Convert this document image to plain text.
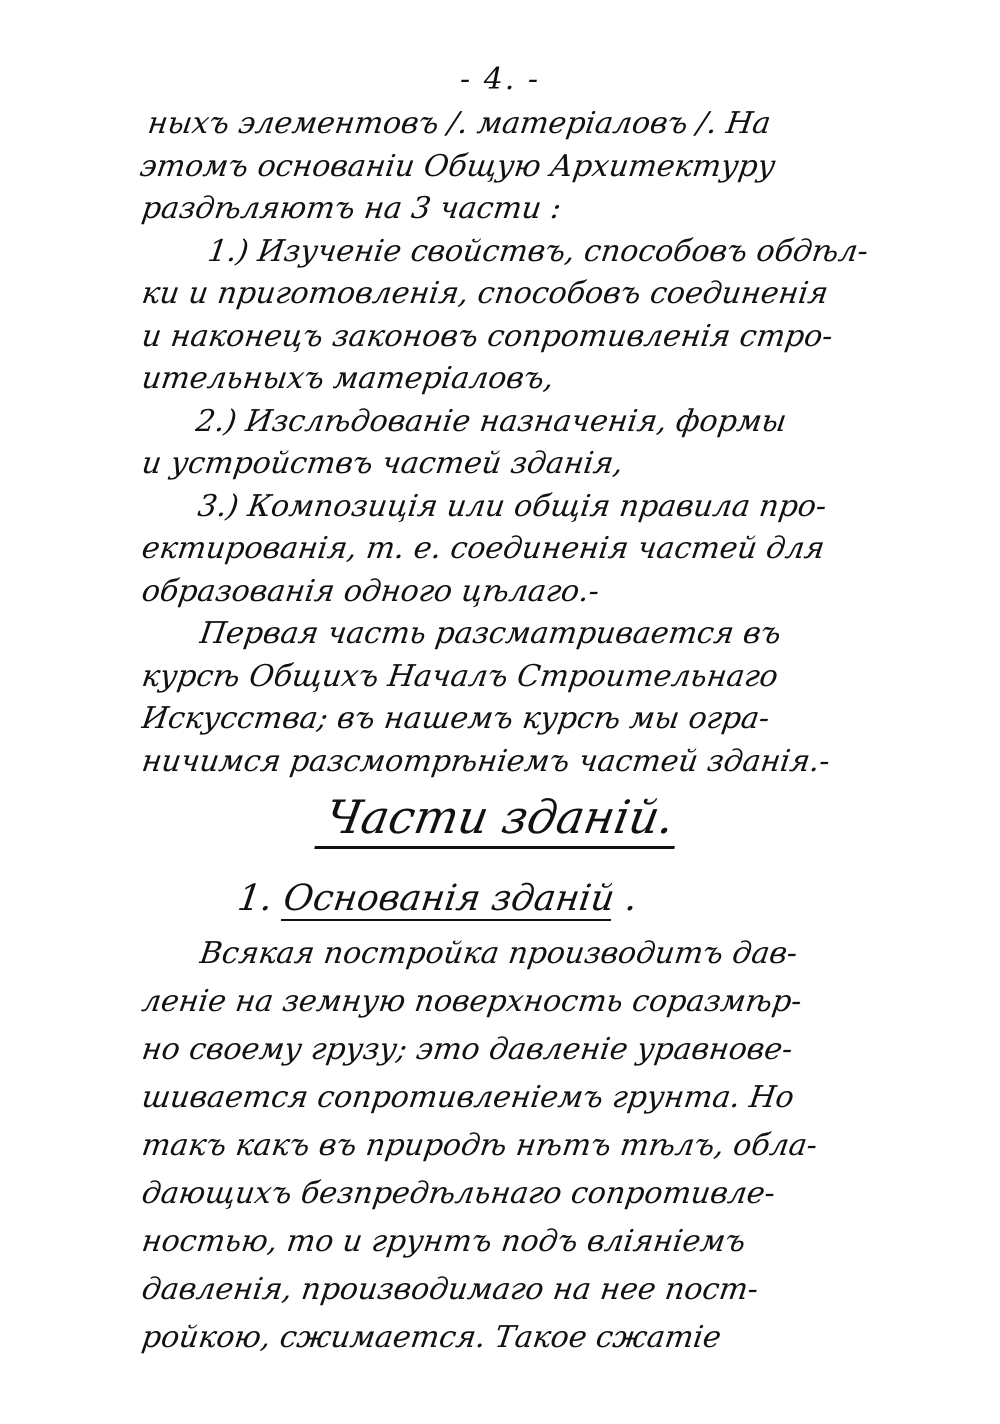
- 4. -
Части зданій.
1. Основанія зданій .
Всякая постройка производитъ дав-
леніе на земную поверхность соразмѣр-
но своему грузу; это давленіе уравнове-
шивается сопротивленіемъ грунта. Но
такъ какъ въ природѣ нѣтъ тѣлъ, обла-
дающихъ безпредѣльнаго сопротивле-
ностью, то и грунтъ подъ вліяніемъ
давленія, производимаго на нее пост-
ройкою, сжимается. Такое сжатіе
ныхъ элементовъ /. матеріаловъ /. На
этомъ основаніи Общую Архитектуру
раздѣляютъ на 3 части :
1.) Изученіе свойствъ, способовъ обдѣл-
ки и приготовленія, способовъ соединенія
и наконецъ законовъ сопротивленія стро-
ительныхъ матеріаловъ,
2.) Изслѣдованіе назначенія, формы
и устройствъ частей зданія,
3.) Композиція или общія правила про-
ектированія, т. е. соединенія частей для
образованія одного цѣлаго.-
Первая часть разсматривается въ
курсѣ Общихъ Началъ Строительнаго
Искусства; въ нашемъ курсѣ мы огра-
ничимся разсмотрѣніемъ частей зданія.-
